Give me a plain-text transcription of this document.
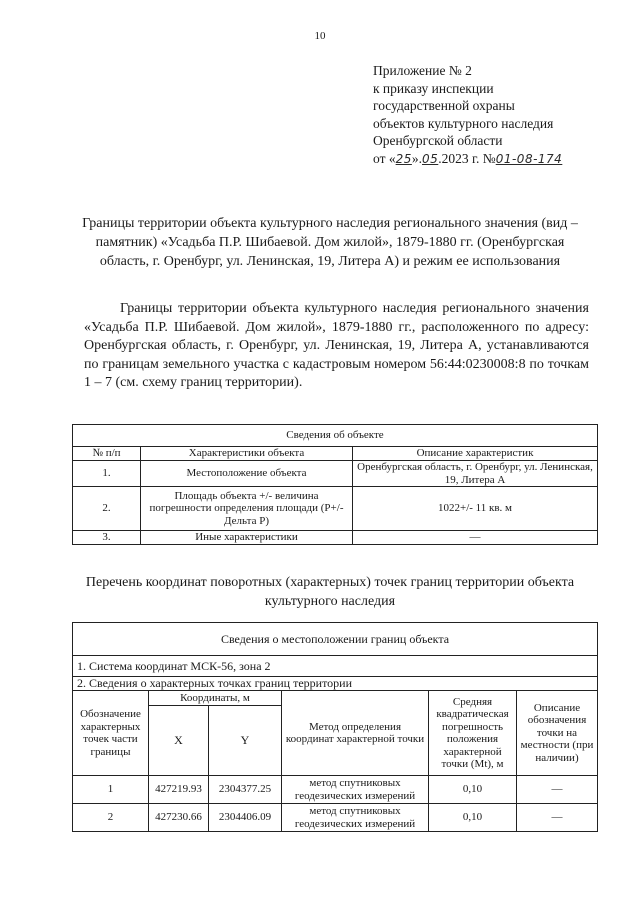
10
Приложение № 2
к приказу инспекции
государственной охраны
объектов культурного наследия
Оренбургской области
от «25».05.2023 г. №01-08-174
Границы территории объекта культурного наследия регионального значения (вид – памятник) «Усадьба П.Р. Шибаевой. Дом жилой», 1879-1880 гг. (Оренбургская область, г. Оренбург, ул. Ленинская, 19, Литера А) и режим ее использования
Границы территории объекта культурного наследия регионального значения «Усадьба П.Р. Шибаевой. Дом жилой», 1879-1880 гг., расположенного по адресу: Оренбургская область, г. Оренбург, ул. Ленинская, 19, Литера А, устанавливаются по границам земельного участка с кадастровым номером 56:44:0230008:8 по точкам 1 – 7 (см. схему границ территории).
Сведения об объекте		
№ п/п	Характеристики объекта	Описание характеристик
1.	Местоположение объекта	Оренбургская область, г. Оренбург, ул. Ленинская, 19, Литера А
2.	Площадь объекта +/- величина погрешности определения площади (P+/- Дельта P)	1022+/- 11 кв. м
3.	Иные характеристики	—
Перечень координат поворотных (характерных) точек границ территории объекта культурного наследия
Сведения о местоположении границ объекта					
1. Система координат МСК-56, зона 2					
2. Сведения о характерных точках границ территории					
Обозначение характерных точек части границы	Координаты, м		Метод определения координат характерной точки	Средняя квадратическая погрешность положения характерной точки (Mt), м	Описание обозначения точки на местности (при наличии)
	X	Y			
1	427219.93	2304377.25	метод спутниковых геодезических измерений	0,10	—
2	427230.66	2304406.09	метод спутниковых геодезических измерений	0,10	—
